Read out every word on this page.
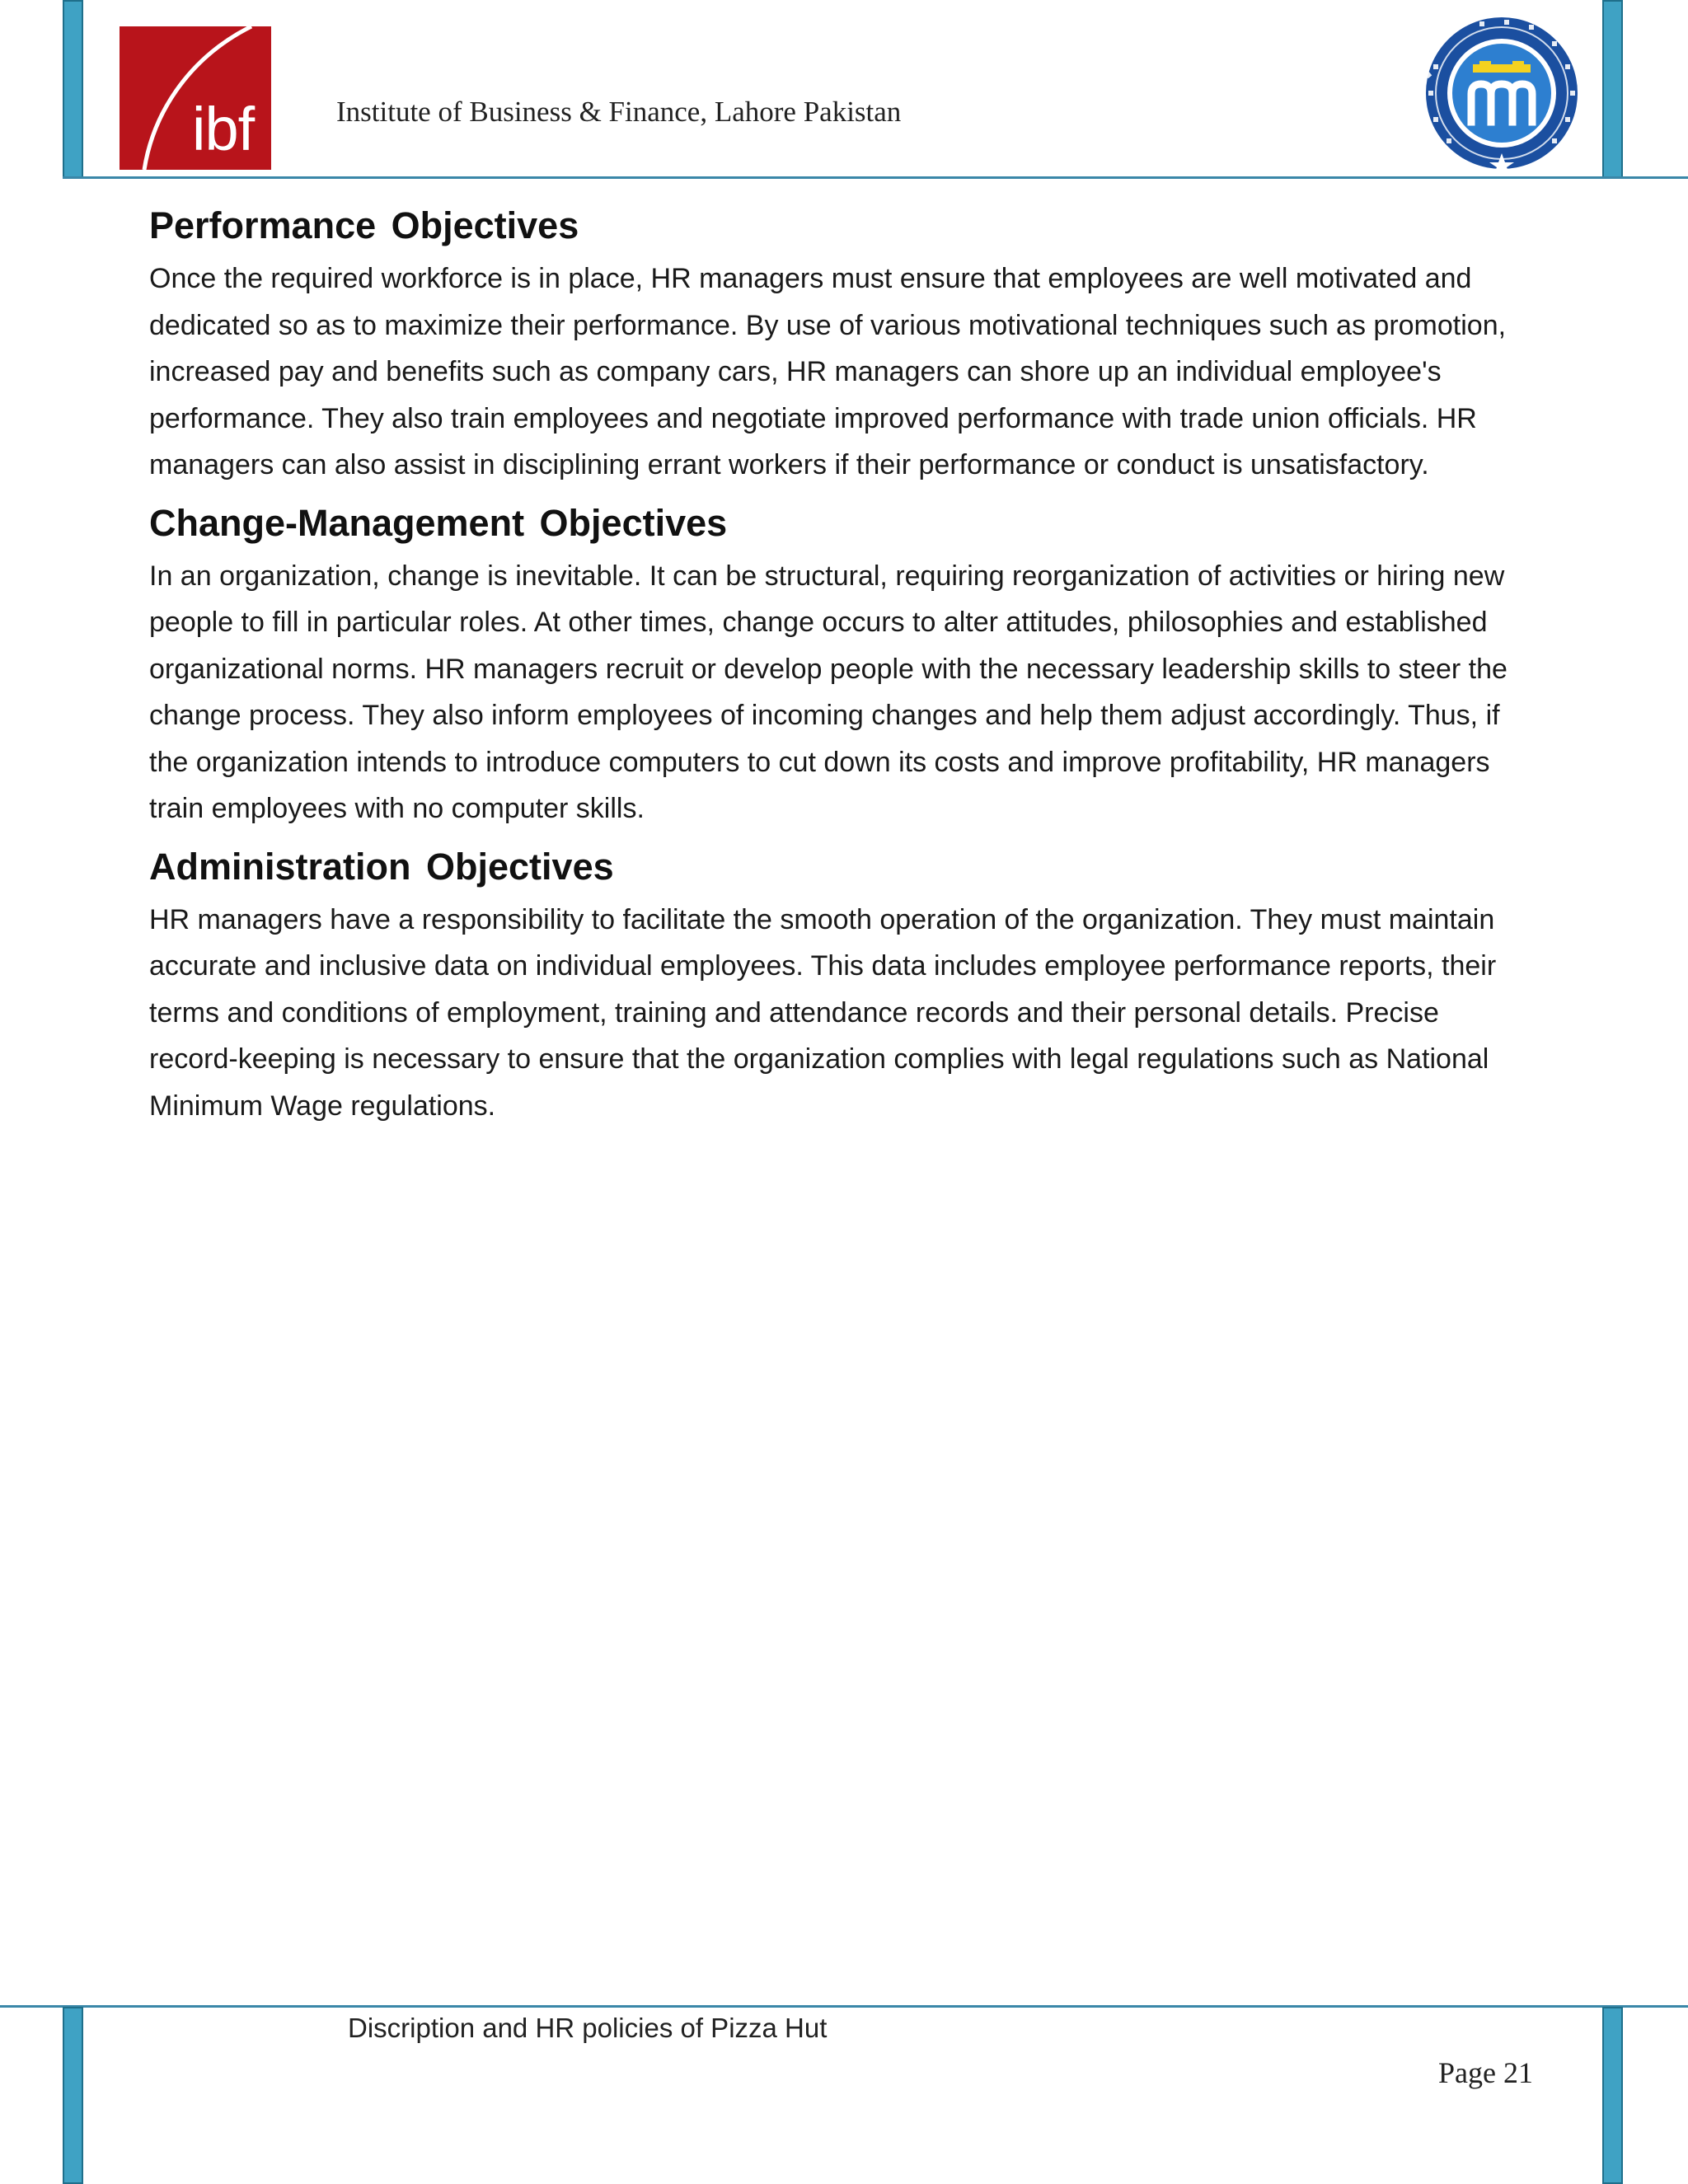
ibf	Institute of Business & Finance, Lahore Pakistan
Performance Objectives

Once the required workforce is in place, HR managers must ensure that employees are well motivated and dedicated so as to maximize their performance. By use of various motivational techniques such as promotion, increased pay and benefits such as company cars, HR managers can shore up an individual employee's performance. They also train employees and negotiate improved performance with trade union officials. HR managers can also assist in disciplining errant workers if their performance or conduct is unsatisfactory.

Change-Management Objectives

In an organization, change is inevitable. It can be structural, requiring reorganization of activities or hiring new people to fill in particular roles. At other times, change occurs to alter attitudes, philosophies and established organizational norms. HR managers recruit or develop people with the necessary leadership skills to steer the change process. They also inform employees of incoming changes and help them adjust accordingly. Thus, if the organization intends to introduce computers to cut down its costs and improve profitability, HR managers train employees with no computer skills.

Administration Objectives

HR managers have a responsibility to facilitate the smooth operation of the organization. They must maintain accurate and inclusive data on individual employees. This data includes employee performance reports, their terms and conditions of employment, training and attendance records and their personal details. Precise record-keeping is necessary to ensure that the organization complies with legal regulations such as National Minimum Wage regulations.

Discription and HR policies of Pizza Hut
Page 21
